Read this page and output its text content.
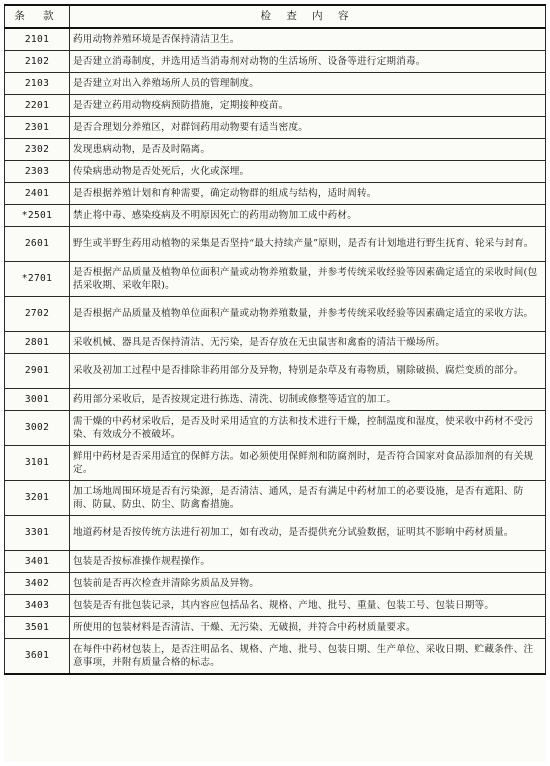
条 款	检 查 内 容
2101	药用动物养殖环境是否保持清洁卫生。
2102	是否建立消毒制度，并选用适当消毒剂对动物的生活场所、设备等进行定期消毒。
2103	是否建立对出入养殖场所人员的管理制度。
2201	是否建立药用动物疫病预防措施，定期接种疫苗。
2301	是否合理划分养殖区，对群饲药用动物要有适当密度。
2302	发现患病动物，是否及时隔离。
2303	传染病患动物是否处死后，火化或深埋。
2401	是否根据养殖计划和育种需要，确定动物群的组成与结构，适时周转。
*2501	禁止将中毒、感染疫病及不明原因死亡的药用动物加工成中药材。
2601	野生或半野生药用动植物的采集是否坚持“最大持续产量”原则，是否有计划地进行野生抚育、轮采与封育。
*2701	是否根据产品质量及植物单位面积产量或动物养殖数量，并参考传统采收经验等因素确定适宜的采收时间(包括采收期、采收年限)。
2702	是否根据产品质量及植物单位面积产量或动物养殖数量，并参考传统采收经验等因素确定适宜的采收方法。
2801	采收机械、器具是否保持清洁、无污染，是否存放在无虫鼠害和禽畜的清洁干燥场所。
2901	采收及初加工过程中是否排除非药用部分及异物，特别是杂草及有毒物质，剔除破损、腐烂变质的部分。
3001	药用部分采收后，是否按规定进行拣选、清洗、切制或修整等适宜的加工。
3002	需干燥的中药材采收后，是否及时采用适宜的方法和技术进行干燥，控制温度和湿度，使采收中药材不受污染、有效成分不被破坏。
3101	鲜用中药材是否采用适宜的保鲜方法。如必须使用保鲜剂和防腐剂时，是否符合国家对食品添加剂的有关规定。
3201	加工场地周围环境是否有污染源，是否清洁、通风，是否有满足中药材加工的必要设施，是否有遮阳、防雨、防鼠、防虫、防尘、防禽畜措施。
3301	地道药材是否按传统方法进行初加工，如有改动，是否提供充分试验数据，证明其不影响中药材质量。
3401	包装是否按标准操作规程操作。
3402	包装前是否再次检查并清除劣质品及异物。
3403	包装是否有批包装记录，其内容应包括品名、规格、产地、批号、重量、包装工号、包装日期等。
3501	所使用的包装材料是否清洁、干燥、无污染、无破损，并符合中药材质量要求。
3601	在每件中药材包装上，是否注明品名、规格、产地、批号、包装日期、生产单位、采收日期、贮藏条件、注意事项，并附有质量合格的标志。
